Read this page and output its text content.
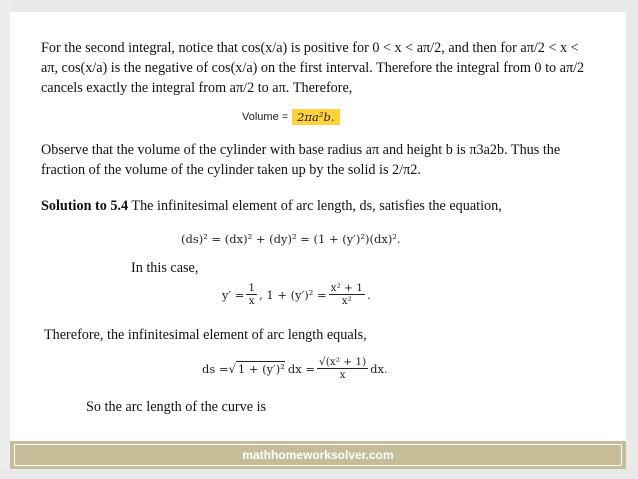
For the second integral, notice that cos(x/a) is positive for 0 < x < aπ/2, and then for aπ/2 < x < aπ, cos(x/a) is the negative of cos(x/a) on the first interval. Therefore the integral from 0 to aπ/2 cancels exactly the integral from aπ/2 to aπ. Therefore,

Volume = 2πa²b.

Observe that the volume of the cylinder with base radius aπ and height b is π3a2b. Thus the fraction of the volume of the cylinder taken up by the solid is 2/π2.

Solution to 5.4 The infinitesimal element of arc length, ds, satisfies the equation,

(ds)² = (dx)² + (dy)² = (1 + (y′)²)(dx)².

In this case,

$y' = \frac{1}{x}$ , $1 + (y')^2 = \frac{\text{x² + 1}}{\text{x²}}$ .

Therefore, the infinitesimal element of arc length equals,

ds = √ 1 + (y′)² dx = $\frac{\text{√(x² + 1)}}{x}$ dx.

So the arc length of the curve is

mathhomeworksolver.com
